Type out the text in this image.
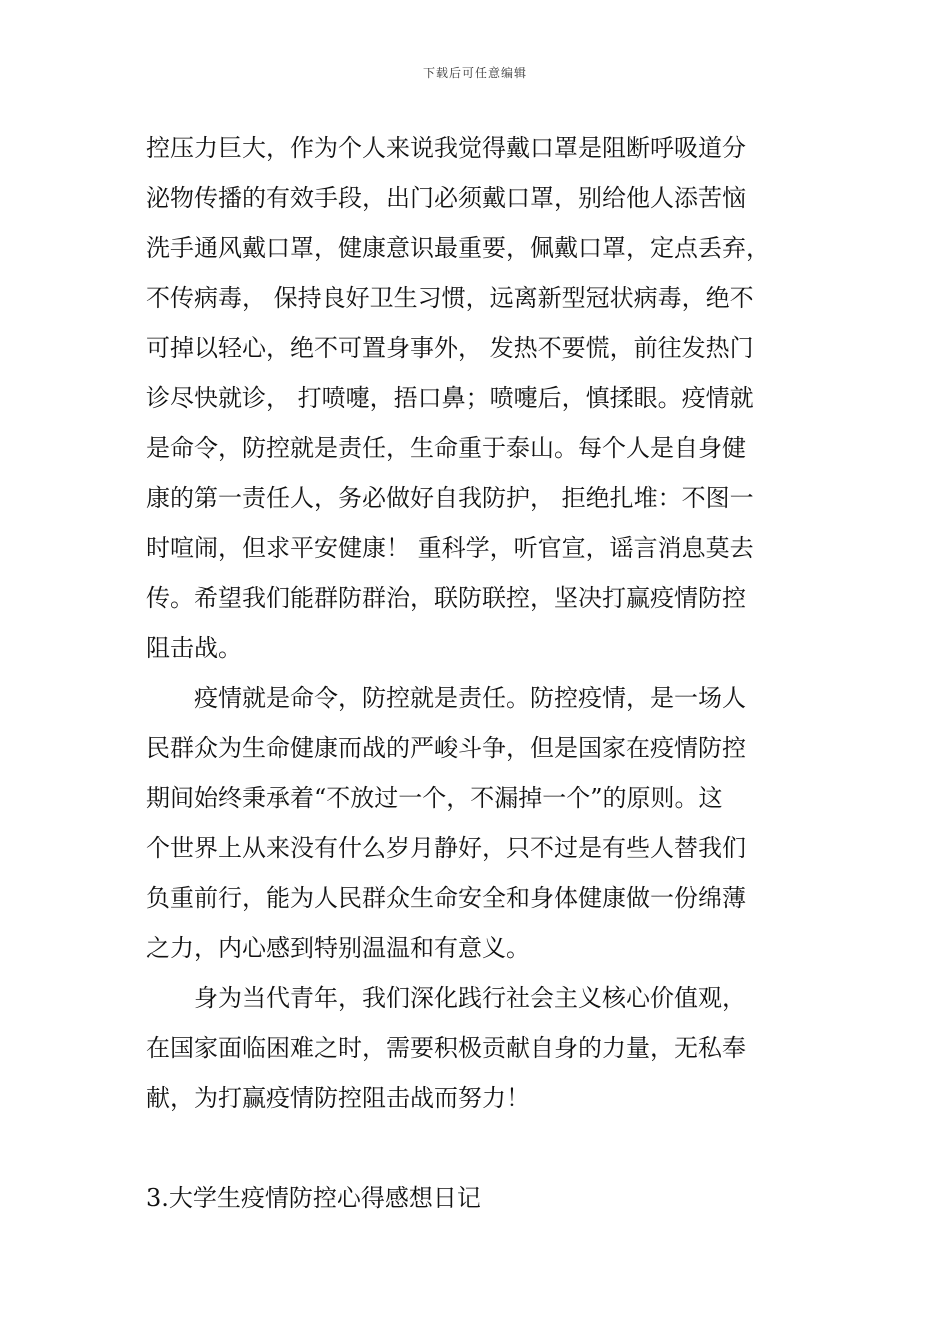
下载后可任意编辑
控压力巨大，作为个人来说我觉得戴口罩是阻断呼吸道分
泌物传播的有效手段，出门必须戴口罩，别给他人添苦恼
洗手通风戴口罩，健康意识最重要，佩戴口罩，定点丢弃，
不传病毒， 保持良好卫生习惯，远离新型冠状病毒，绝不
可掉以轻心，绝不可置身事外， 发热不要慌，前往发热门
诊尽快就诊， 打喷嚏，捂口鼻；喷嚏后，慎揉眼。疫情就
是命令，防控就是责任，生命重于泰山。每个人是自身健
康的第一责任人，务必做好自我防护， 拒绝扎堆：不图一
时喧闹，但求平安健康！ 重科学，听官宣，谣言消息莫去
传。希望我们能群防群治，联防联控，坚决打赢疫情防控
阻击战。
　　疫情就是命令，防控就是责任。防控疫情，是一场人
民群众为生命健康而战的严峻斗争，但是国家在疫情防控
期间始终秉承着“不放过一个，不漏掉一个”的原则。这
个世界上从来没有什么岁月静好，只不过是有些人替我们
负重前行，能为人民群众生命安全和身体健康做一份绵薄
之力，内心感到特别温温和有意义。
　　身为当代青年，我们深化践行社会主义核心价值观，
在国家面临困难之时，需要积极贡献自身的力量，无私奉
献，为打赢疫情防控阻击战而努力！
3.大学生疫情防控心得感想日记
